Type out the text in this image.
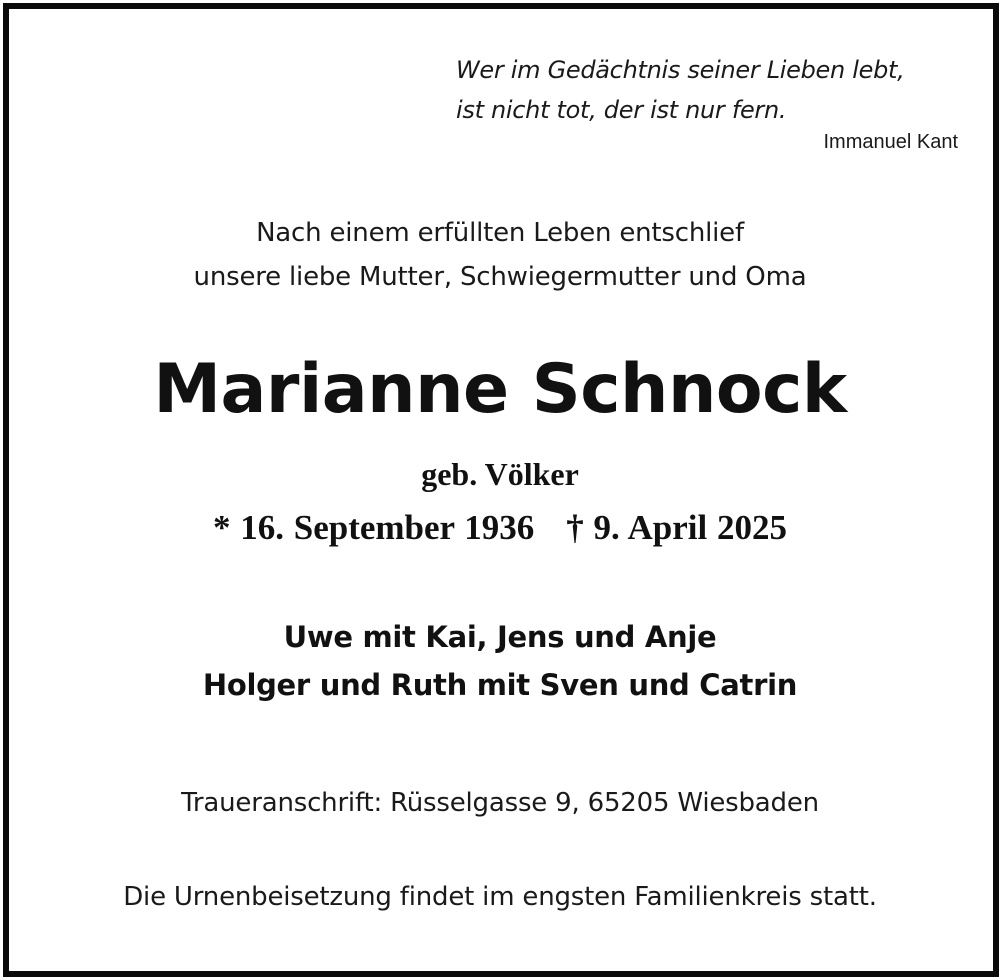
Wer im Gedächtnis seiner Lieben lebt,
ist nicht tot, der ist nur fern.
Immanuel Kant
Nach einem erfüllten Leben entschlief
unsere liebe Mutter, Schwiegermutter und Oma
Marianne Schnock
geb. Völker
* 16. September 1936 † 9. April 2025
Uwe mit Kai, Jens und Anje
Holger und Ruth mit Sven und Catrin
Traueranschrift: Rüsselgasse 9, 65205 Wiesbaden
Die Urnenbeisetzung findet im engsten Familienkreis statt.
